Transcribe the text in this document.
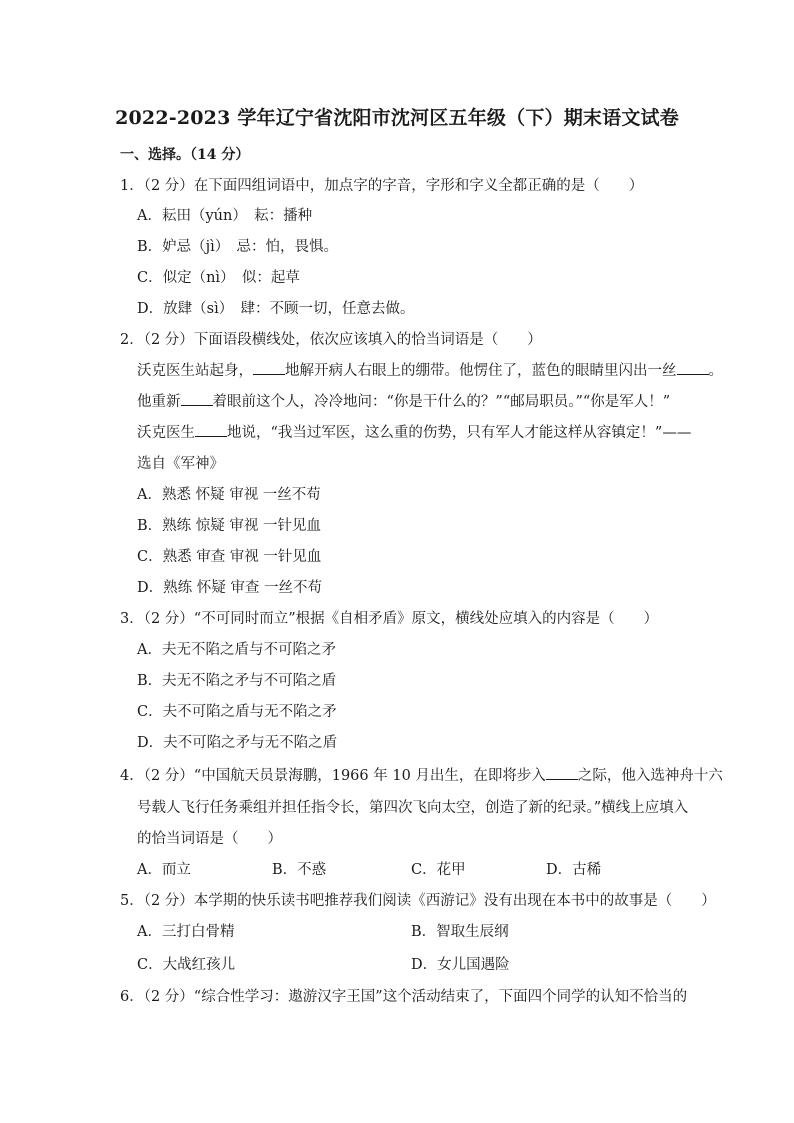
2022-2023 学年辽宁省沈阳市沈河区五年级（下）期末语文试卷
一、选择。（14 分）
1．（2 分）在下面四组词语中，加点字的字音，字形和字义全都正确的是（　　）
A．耘田（yún）　耘：播种
B．妒忌（jì）　忌：怕，畏惧。
C．似定（nì）　似：起草
D．放肆（sì）　肆：不顾一切，任意去做。
2．（2 分）下面语段横线处，依次应该填入的恰当词语是（　　）
沃克医生站起身， 地解开病人右眼上的绷带。他愣住了，蓝色的眼睛里闪出一丝 。
他重新 着眼前这个人，冷冷地问：“你是干什么的？”“邮局职员。”“你是军人！”
沃克医生 地说，“我当过军医，这么重的伤势，只有军人才能这样从容镇定！”——
选自《军神》
A．熟悉 怀疑 审视 一丝不苟
B．熟练 惊疑 审视 一针见血
C．熟悉 审查 审视 一针见血
D．熟练 怀疑 审查 一丝不苟
3．（2 分）“不可同时而立”根据《自相矛盾》原文，横线处应填入的内容是（　　）
A．夫无不陷之盾与不可陷之矛
B．夫无不陷之矛与不可陷之盾
C．夫不可陷之盾与无不陷之矛
D．夫不可陷之矛与无不陷之盾
4．（2 分）“中国航天员景海鹏，1966 年 10 月出生，在即将步入 之际，他入选神舟十六
号载人飞行任务乘组并担任指令长，第四次飞向太空，创造了新的纪录。”横线上应填入
的恰当词语是（　　）
A．而立	B．不惑	C．花甲	D．古稀
5．（2 分）本学期的快乐读书吧推荐我们阅读《西游记》没有出现在本书中的故事是（　　）
A．三打白骨精	B．智取生辰纲
C．大战红孩儿	D．女儿国遇险
6．（2 分）“综合性学习：遨游汉字王国”这个活动结束了，下面四个同学的认知不恰当的
